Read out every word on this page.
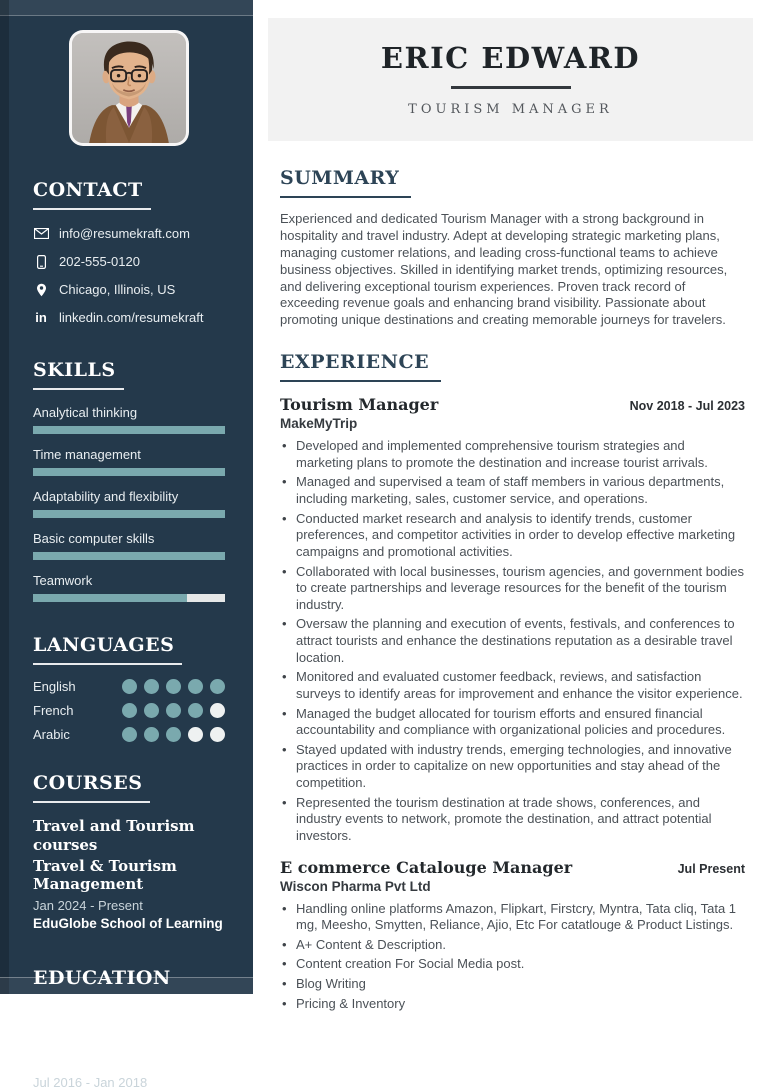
CONTACT
info@resumekraft.com
202-555-0120
Chicago, Illinois, US
in linkedin.com/resumekraft
SKILLS
Analytical thinking
Time management
Adaptability and flexibility
Basic computer skills
Teamwork
LANGUAGES
English
French
Arabic
COURSES
Travel and Tourism courses
Travel & Tourism Management
Jan 2024 - Present
EduGlobe School of Learning
EDUCATION
Bachelor of Management Studies (BMS)
Jul 2016 - Jan 2018
ERIC EDWARD
TOURISM MANAGER
SUMMARY

Experienced and dedicated Tourism Manager with a strong background in hospitality and travel industry. Adept at developing strategic marketing plans, managing customer relations, and leading cross-functional teams to achieve business objectives. Skilled in identifying market trends, optimizing resources, and delivering exceptional tourism experiences. Proven track record of exceeding revenue goals and enhancing brand visibility. Passionate about promoting unique destinations and creating memorable journeys for travelers.

EXPERIENCE
Tourism Manager	Nov 2018 - Jul 2023
MakeMyTrip
• Developed and implemented comprehensive tourism strategies and marketing plans to promote the destination and increase tourist arrivals.
• Managed and supervised a team of staff members in various departments, including marketing, sales, customer service, and operations.
• Conducted market research and analysis to identify trends, customer preferences, and competitor activities in order to develop effective marketing campaigns and promotional activities.
• Collaborated with local businesses, tourism agencies, and government bodies to create partnerships and leverage resources for the benefit of the tourism industry.
• Oversaw the planning and execution of events, festivals, and conferences to attract tourists and enhance the destinations reputation as a desirable travel location.
• Monitored and evaluated customer feedback, reviews, and satisfaction surveys to identify areas for improvement and enhance the visitor experience.
• Managed the budget allocated for tourism efforts and ensured financial accountability and compliance with organizational policies and procedures.
• Stayed updated with industry trends, emerging technologies, and innovative practices in order to capitalize on new opportunities and stay ahead of the competition.
• Represented the tourism destination at trade shows, conferences, and industry events to network, promote the destination, and attract potential investors.
E commerce Catalouge Manager	Jul Present
Wiscon Pharma Pvt Ltd
• Handling online platforms Amazon, Flipkart, Firstcry, Myntra, Tata cliq, Tata 1 mg, Meesho, Smytten, Reliance, Ajio, Etc For catatlouge & Product Listings.
• A+ Content & Description.
• Content creation For Social Media post.
• Blog Writing
• Pricing & Inventory
